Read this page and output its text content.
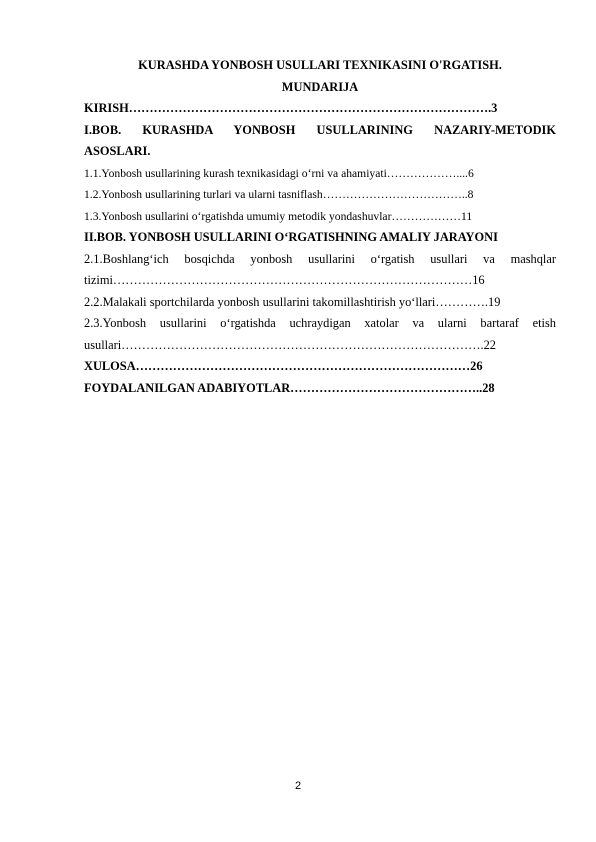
KURASHDA YONBOSH USULLARI TEXNIKASINI O'RGATISH.

MUNDARIJA

KIRISH…………………………………………………………………………….3
I.BOB. KURASHDA YONBOSH USULLARINING NAZARIY-METODIK
ASOSLARI.
1.1.Yonbosh usullarining kurash texnikasidagi o‘rni va ahamiyati………………....6
1.2.Yonbosh usullarining turlari va ularni tasniflash………………………………..8
1.3.Yonbosh usullarini o‘rgatishda umumiy metodik yondashuvlar………………11
II.BOB. YONBOSH USULLARINI O‘RGATISHNING AMALIY JARAYONI
2.1.Boshlang‘ich bosqichda yonbosh usullarini o‘rgatish usullari va mashqlar
tizimi……………………………………………………………………………16
2.2.Malakali sportchilarda yonbosh usullarini takomillashtirish yo‘llari………….19
2.3.Yonbosh usullarini o‘rgatishda uchraydigan xatolar va ularni bartaraf etish
usullari…………………………………………………………………………….22
XULOSA………………………………………………………………………26
FOYDALANILGAN ADABIYOTLAR………………………………………..28
2
